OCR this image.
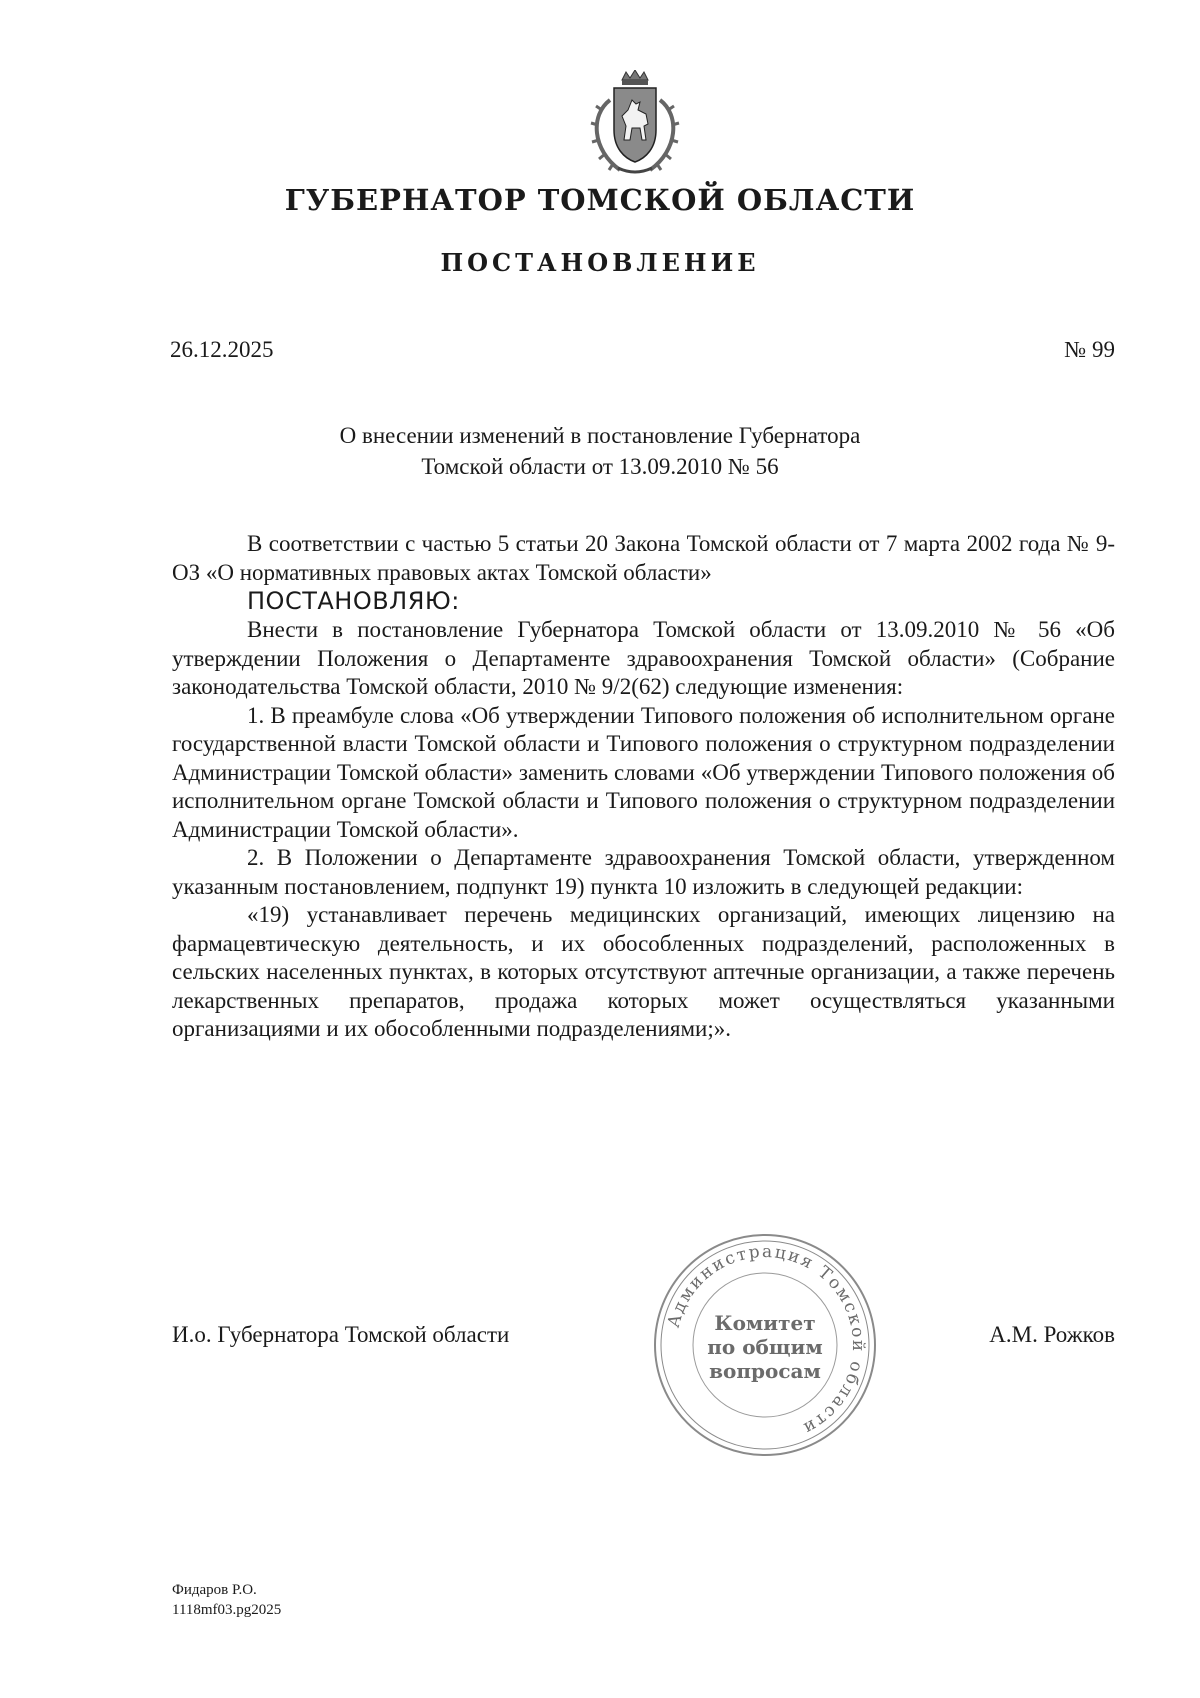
ГУБЕРНАТОР ТОМСКОЙ ОБЛАСТИ
ПОСТАНОВЛЕНИЕ
26.12.2025	№ 99
О внесении изменений в постановление Губернатора
Томской области от 13.09.2010 № 56

В соответствии с частью 5 статьи 20 Закона Томской области от 7 марта 2002 года № 9-ОЗ «О нормативных правовых актах Томской области»

ПОСТАНОВЛЯЮ:

Внести в постановление Губернатора Томской области от 13.09.2010 № 56 «Об утверждении Положения о Департаменте здравоохранения Томской области» (Собрание законодательства Томской области, 2010 № 9/2(62) следующие изменения:

1. В преамбуле слова «Об утверждении Типового положения об исполнительном органе государственной власти Томской области и Типового положения о структурном подразделении Администрации Томской области» заменить словами «Об утверждении Типового положения об исполнительном органе Томской области и Типового положения о структурном подразделении Администрации Томской области».

2. В Положении о Департаменте здравоохранения Томской области, утвержденном указанным постановлением, подпункт 19) пункта 10 изложить в следующей редакции:

«19) устанавливает перечень медицинских организаций, имеющих лицензию на фармацевтическую деятельность, и их обособленных подразделений, расположенных в сельских населенных пунктах, в которых отсутствуют аптечные организации, а также перечень лекарственных препаратов, продажа которых может осуществляться указанными организациями и их обособленными подразделениями;».

И.о. Губернатора Томской области
Администрация Томской области
Комитет
по общим
вопросам
А.М. Рожков
Фидаров Р.О.
1118mf03.pg2025
